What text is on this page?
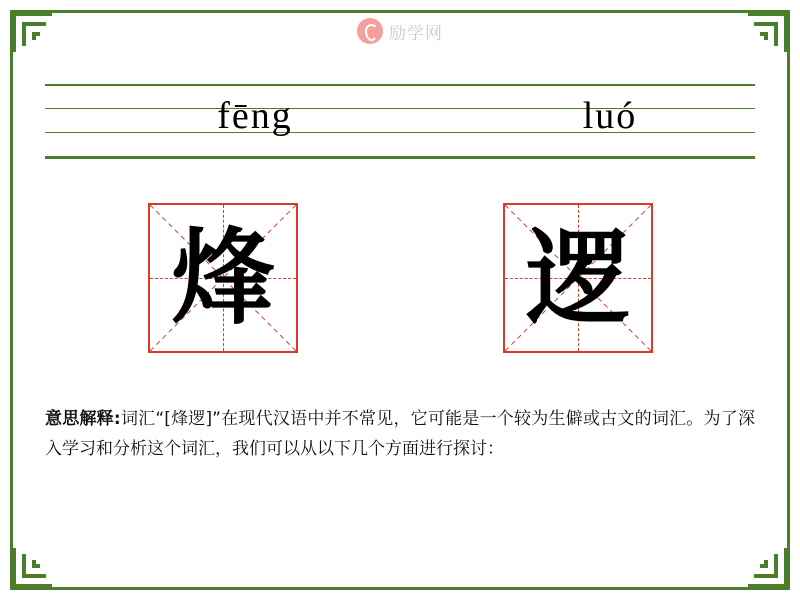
励学网
fēng	luó
烽 逻
意思解释:词汇“[烽逻]”在现代汉语中并不常见，它可能是一个较为生僻或古文的词汇。为了深入学习和分析这个词汇，我们可以从以下几个方面进行探讨：
